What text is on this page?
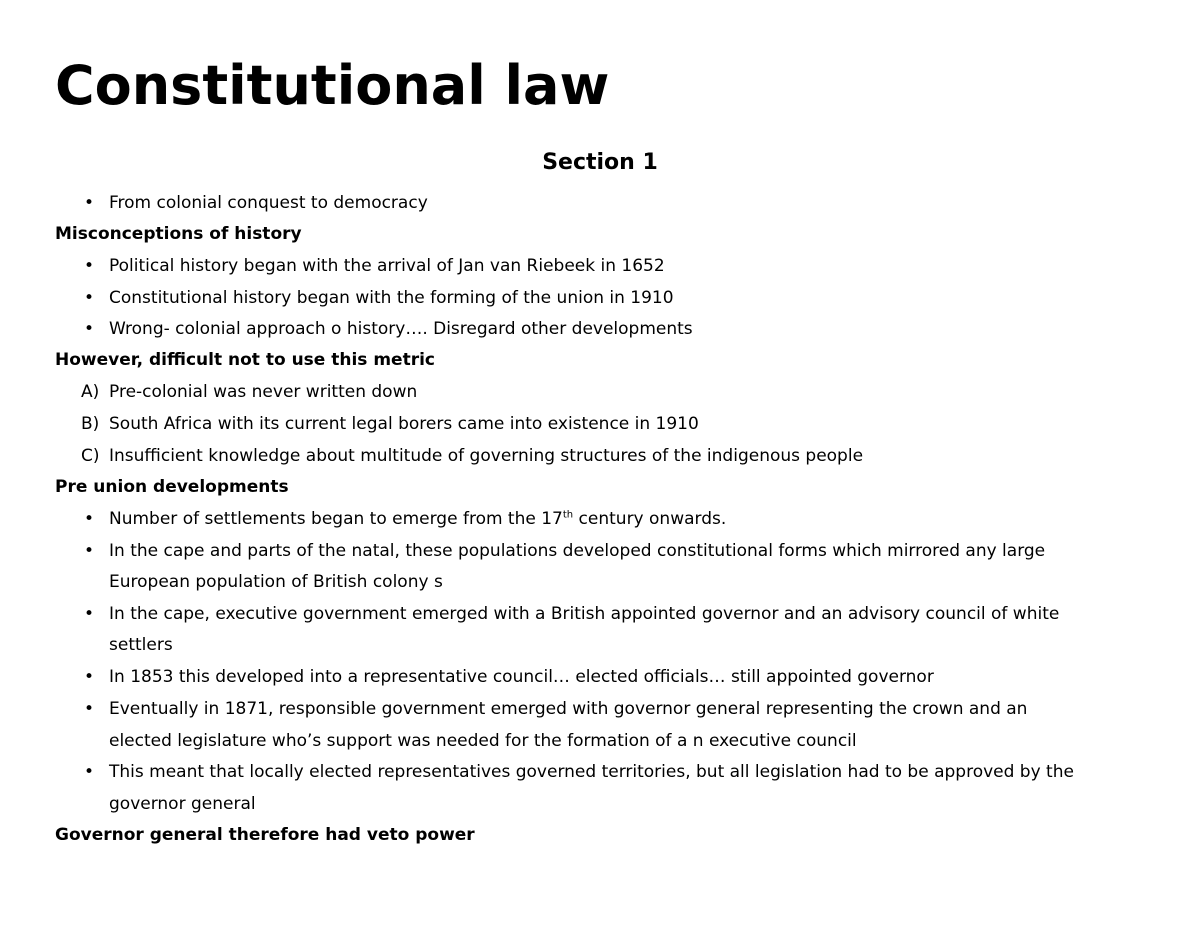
Constitutional law
Section 1
• From colonial conquest to democracy
Misconceptions of history
• Political history began with the arrival of Jan van Riebeek in 1652
• Constitutional history began with the forming of the union in 1910
• Wrong- colonial approach o history…. Disregard other developments
However, difficult not to use this metric
A) Pre-colonial was never written down
B) South Africa with its current legal borers came into existence in 1910
C) Insufficient knowledge about multitude of governing structures of the indigenous people
Pre union developments
• Number of settlements began to emerge from the 17th century onwards.
• In the cape and parts of the natal, these populations developed constitutional forms which mirrored any large
European population of British colony s
• In the cape, executive government emerged with a British appointed governor and an advisory council of white
settlers
• In 1853 this developed into a representative council… elected officials… still appointed governor
• Eventually in 1871, responsible government emerged with governor general representing the crown and an
elected legislature who’s support was needed for the formation of a n executive council
• This meant that locally elected representatives governed territories, but all legislation had to be approved by the
governor general
Governor general therefore had veto power
